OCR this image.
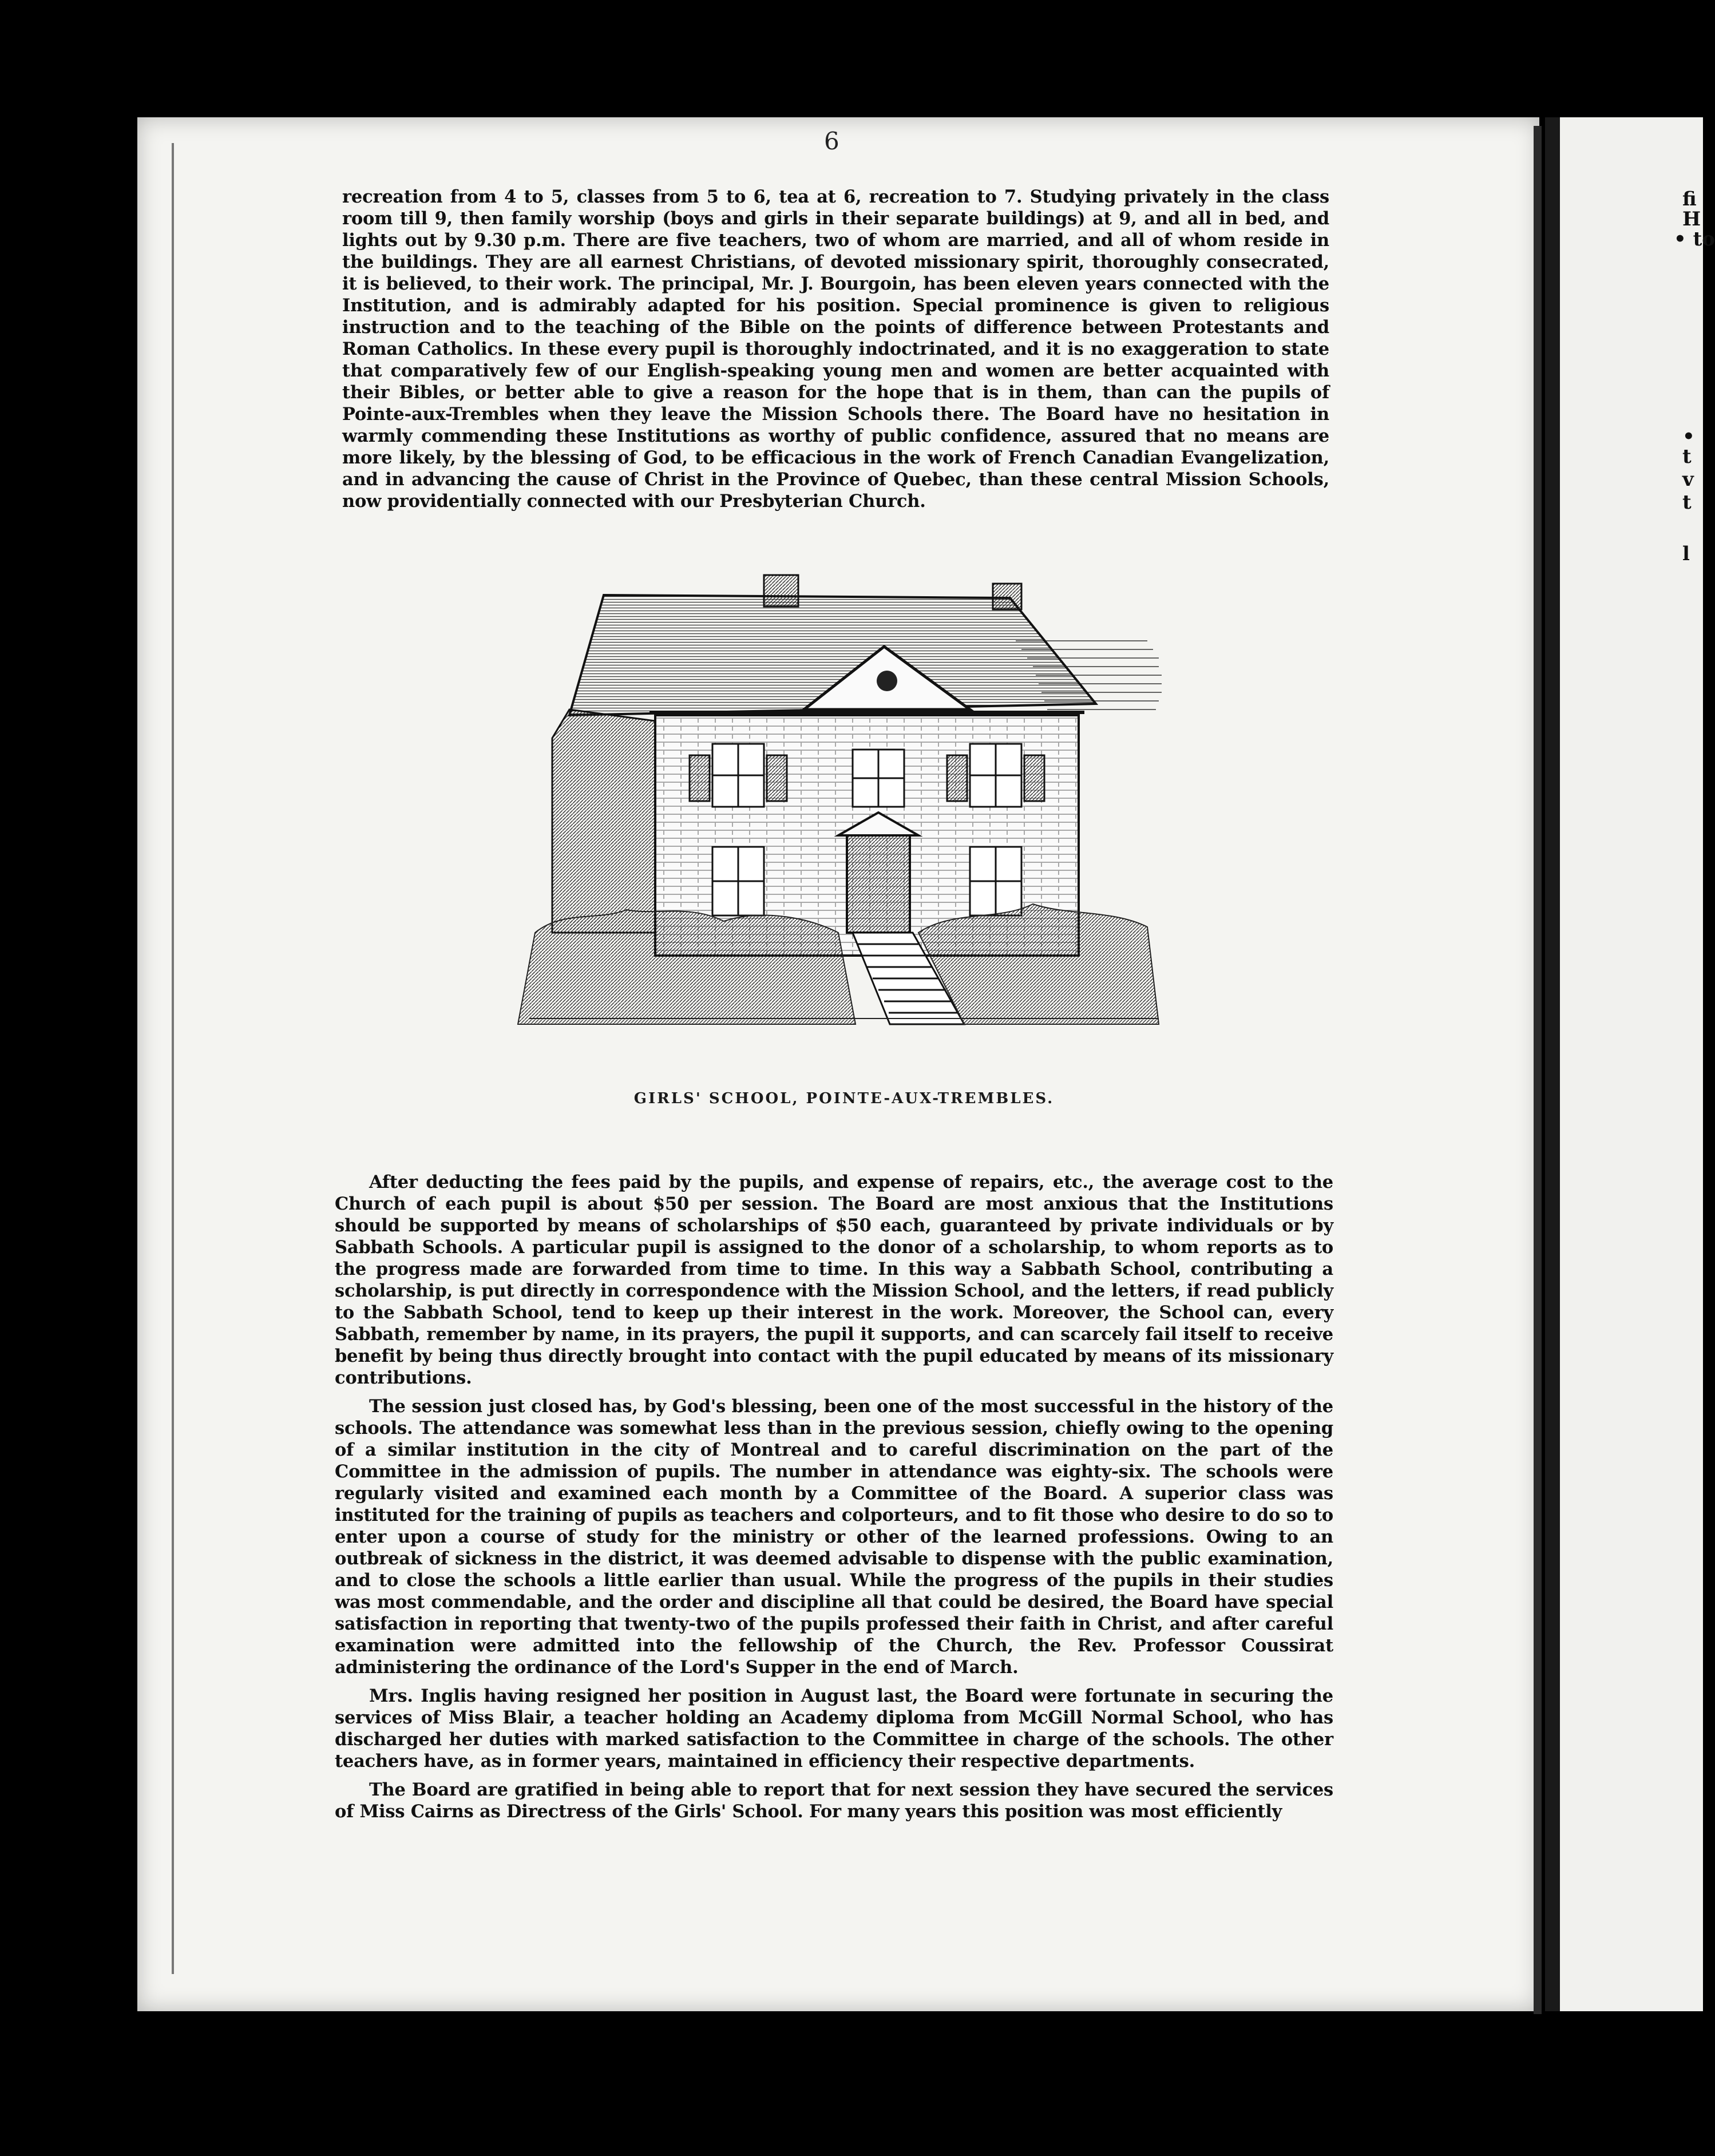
6

recreation from 4 to 5, classes from 5 to 6, tea at 6, recreation to 7. Studying privately in the class room till 9, then family worship (boys and girls in their separate buildings) at 9, and all in bed, and lights out by 9.30 p.m. There are five teachers, two of whom are married, and all of whom reside in the buildings. They are all earnest Christians, of devoted missionary spirit, thoroughly consecrated, it is believed, to their work. The principal, Mr. J. Bourgoin, has been eleven years connected with the Institution, and is admirably adapted for his position. Special prominence is given to religious instruction and to the teaching of the Bible on the points of difference between Protestants and Roman Catholics. In these every pupil is thoroughly indoctrinated, and it is no exaggeration to state that comparatively few of our English-speaking young men and women are better acquainted with their Bibles, or better able to give a reason for the hope that is in them, than can the pupils of Pointe-aux-Trembles when they leave the Mission Schools there. The Board have no hesitation in warmly commending these Institutions as worthy of public confidence, assured that no means are more likely, by the blessing of God, to be efficacious in the work of French Canadian Evangelization, and in advancing the cause of Christ in the Province of Quebec, than these central Mission Schools, now providentially connected with our Presbyterian Church.

GIRLS' SCHOOL, POINTE-AUX-TREMBLES.

After deducting the fees paid by the pupils, and expense of repairs, etc., the average cost to the Church of each pupil is about $50 per session. The Board are most anxious that the Institutions should be supported by means of scholarships of $50 each, guaranteed by private individuals or by Sabbath Schools. A particular pupil is assigned to the donor of a scholarship, to whom reports as to the progress made are forwarded from time to time. In this way a Sabbath School, contributing a scholarship, is put directly in correspondence with the Mission School, and the letters, if read publicly to the Sabbath School, tend to keep up their interest in the work. Moreover, the School can, every Sabbath, remember by name, in its prayers, the pupil it supports, and can scarcely fail itself to receive benefit by being thus directly brought into contact with the pupil educated by means of its missionary contributions.

The session just closed has, by God's blessing, been one of the most successful in the history of the schools. The attendance was somewhat less than in the previous session, chiefly owing to the opening of a similar institution in the city of Montreal and to careful discrimination on the part of the Committee in the admission of pupils. The number in attendance was eighty-six. The schools were regularly visited and examined each month by a Committee of the Board. A superior class was instituted for the training of pupils as teachers and colporteurs, and to fit those who desire to do so to enter upon a course of study for the ministry or other of the learned professions. Owing to an outbreak of sickness in the district, it was deemed advisable to dispense with the public examination, and to close the schools a little earlier than usual. While the progress of the pupils in their studies was most commendable, and the order and discipline all that could be desired, the Board have special satisfaction in reporting that twenty-two of the pupils professed their faith in Christ, and after careful examination were admitted into the fellowship of the Church, the Rev. Professor Coussirat administering the ordinance of the Lord's Supper in the end of March.

Mrs. Inglis having resigned her position in August last, the Board were fortunate in securing the services of Miss Blair, a teacher holding an Academy diploma from McGill Normal School, who has discharged her duties with marked satisfaction to the Committee in charge of the schools. The other teachers have, as in former years, maintained in efficiency their respective departments.

The Board are gratified in being able to report that for next session they have secured the services of Miss Cairns as Directress of the Girls' School. For many years this position was most efficiently

fi
H
• to
•
t
v
t
l
